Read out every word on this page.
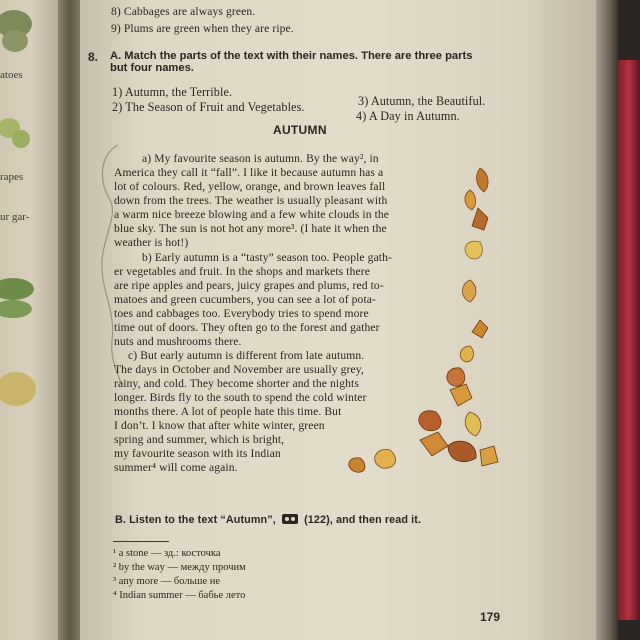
atoes
rapes
ur gar-
8) Cabbages are always green.
9) Plums are green when they are ripe.
8. A. Match the parts of the text with their names. There are three parts
but four names.
1) Autumn, the Terrible.
2) The Season of Fruit and Vegetables.	3) Autumn, the Beautiful.
4) A Day in Autumn.
AUTUMN
a) My favourite season is autumn. By the way², in
America they call it “fall”. I like it because autumn has a
lot of colours. Red, yellow, orange, and brown leaves fall
down from the trees. The weather is usually pleasant with
a warm nice breeze blowing and a few white clouds in the
blue sky. The sun is not hot any more³. (I hate it when the
weather is hot!)
b) Early autumn is a “tasty” season too. People gath-
er vegetables and fruit. In the shops and markets there
are ripe apples and pears, juicy grapes and plums, red to-
matoes and green cucumbers, you can see a lot of pota-
toes and cabbages too. Everybody tries to spend more
time out of doors. They often go to the forest and gather
nuts and mushrooms there.
c) But early autumn is different from late autumn.
The days in October and November are usually grey,
rainy, and cold. They become shorter and the nights
longer. Birds fly to the south to spend the cold winter
months there. A lot of people hate this time. But
I don’t. I know that after white winter, green
spring and summer, which is bright,
my favourite season with its Indian
summer⁴ will come again.
B. Listen to the text “Autumn”,	(122), and then read it.
¹ a stone — зд.: косточка
² by the way — между прочим
³ any more — больше не
⁴ Indian summer — бабье лето
179
